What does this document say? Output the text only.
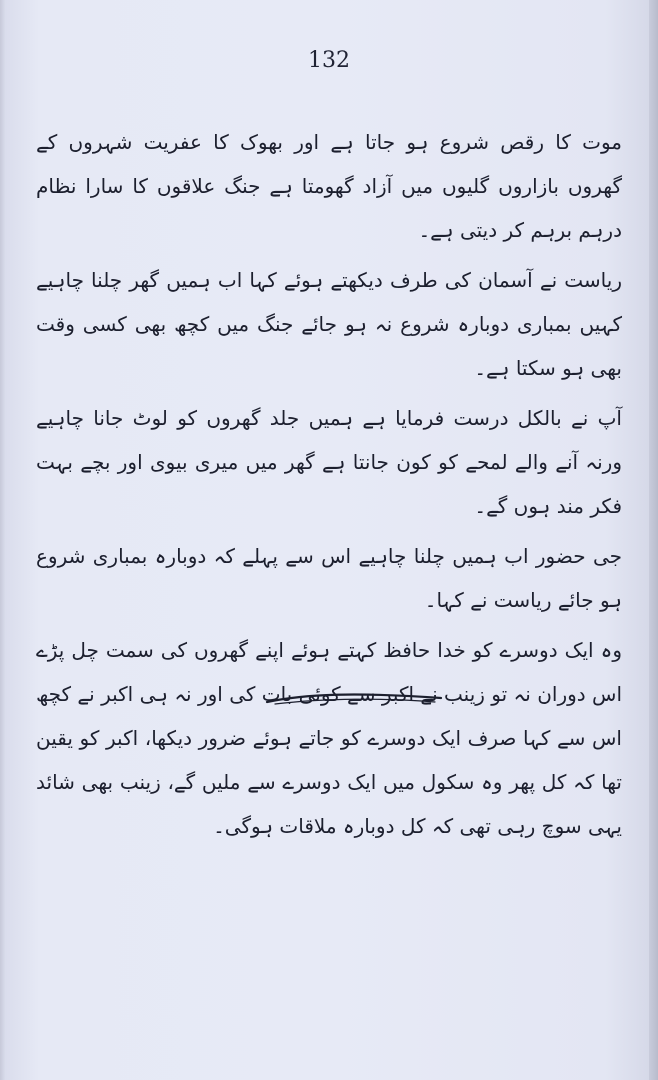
132

موت کا رقص شروع ہو جاتا ہے اور بھوک کا عفریت شہروں کے گھروں بازاروں گلیوں میں آزاد گھومتا ہے جنگ علاقوں کا سارا نظام درہم برہم کر دیتی ہے۔

ریاست نے آسمان کی طرف دیکھتے ہوئے کہا اب ہمیں گھر چلنا چاہیے کہیں بمباری دوبارہ شروع نہ ہو جائے جنگ میں کچھ بھی کسی وقت بھی ہو سکتا ہے۔

آپ نے بالکل درست فرمایا ہے ہمیں جلد گھروں کو لوٹ جانا چاہیے ورنہ آنے والے لمحے کو کون جانتا ہے گھر میں میری بیوی اور بچے بہت فکر مند ہوں گے۔

جی حضور اب ہمیں چلنا چاہیے اس سے پہلے کہ دوبارہ بمباری شروع ہو جائے ریاست نے کہا۔

وہ ایک دوسرے کو خدا حافظ کہتے ہوئے اپنے گھروں کی سمت چل پڑے اس دوران نہ تو زینب نے اکبر سے کوئی بات کی اور نہ ہی اکبر نے کچھ اس سے کہا صرف ایک دوسرے کو جاتے ہوئے ضرور دیکھا، اکبر کو یقین تھا کہ کل پھر وہ سکول میں ایک دوسرے سے ملیں گے، زینب بھی شائد یہی سوچ رہی تھی کہ کل دوبارہ ملاقات ہوگی۔
